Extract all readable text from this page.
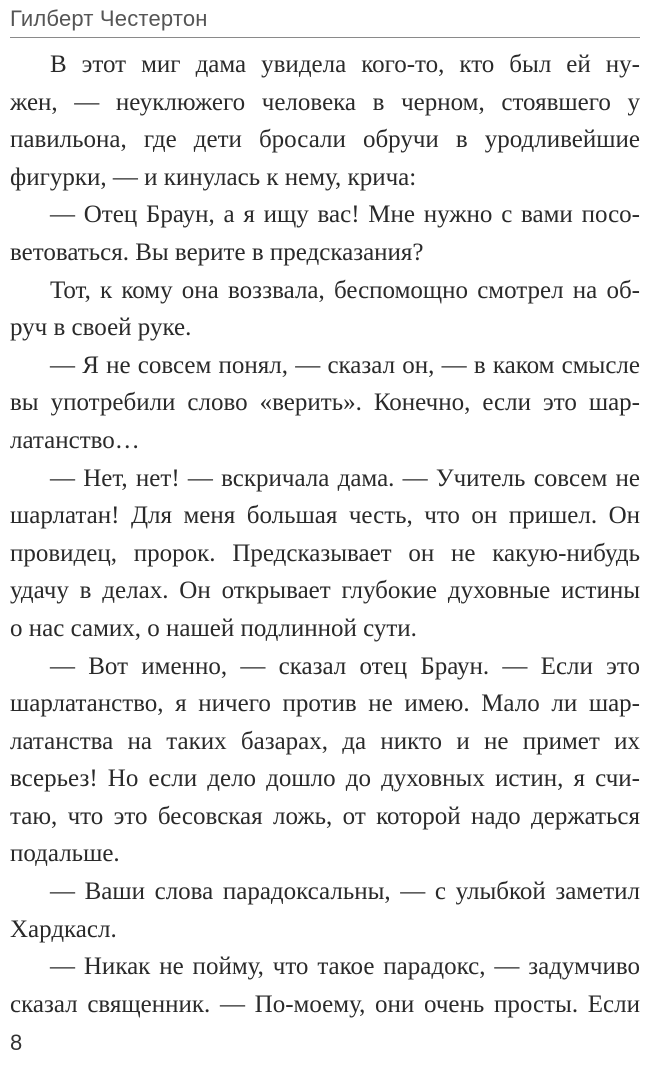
Гилберт Честертон
В этот миг дама увидела кого-то, кто был ей ну-
жен, — неуклюжего человека в черном, стоявшего у
павильона, где дети бросали обручи в уродливейшие
фигурки, — и кинулась к нему, крича:
— Отец Браун, а я ищу вас! Мне нужно с вами посо-
ветоваться. Вы верите в предсказания?
Тот, к кому она воззвала, беспомощно смотрел на об-
руч в своей руке.
— Я не совсем понял, — сказал он, — в каком смысле
вы употребили слово «верить». Конечно, если это шар-
латанство…
— Нет, нет! — вскричала дама. — Учитель совсем не
шарлатан! Для меня большая честь, что он пришел. Он
провидец, пророк. Предсказывает он не какую-нибудь
удачу в делах. Он открывает глубокие духовные истины
о нас самих, о нашей подлинной сути.
— Вот именно, — сказал отец Браун. — Если это
шарлатанство, я ничего против не имею. Мало ли шар-
латанства на таких базарах, да никто и не примет их
всерьез! Но если дело дошло до духовных истин, я счи-
таю, что это бесовская ложь, от которой надо держаться
подальше.
— Ваши слова парадоксальны, — с улыбкой заметил
Хардкасл.
— Никак не пойму, что такое парадокс, — задумчиво
сказал священник. — По-моему, они очень просты. Если
8
